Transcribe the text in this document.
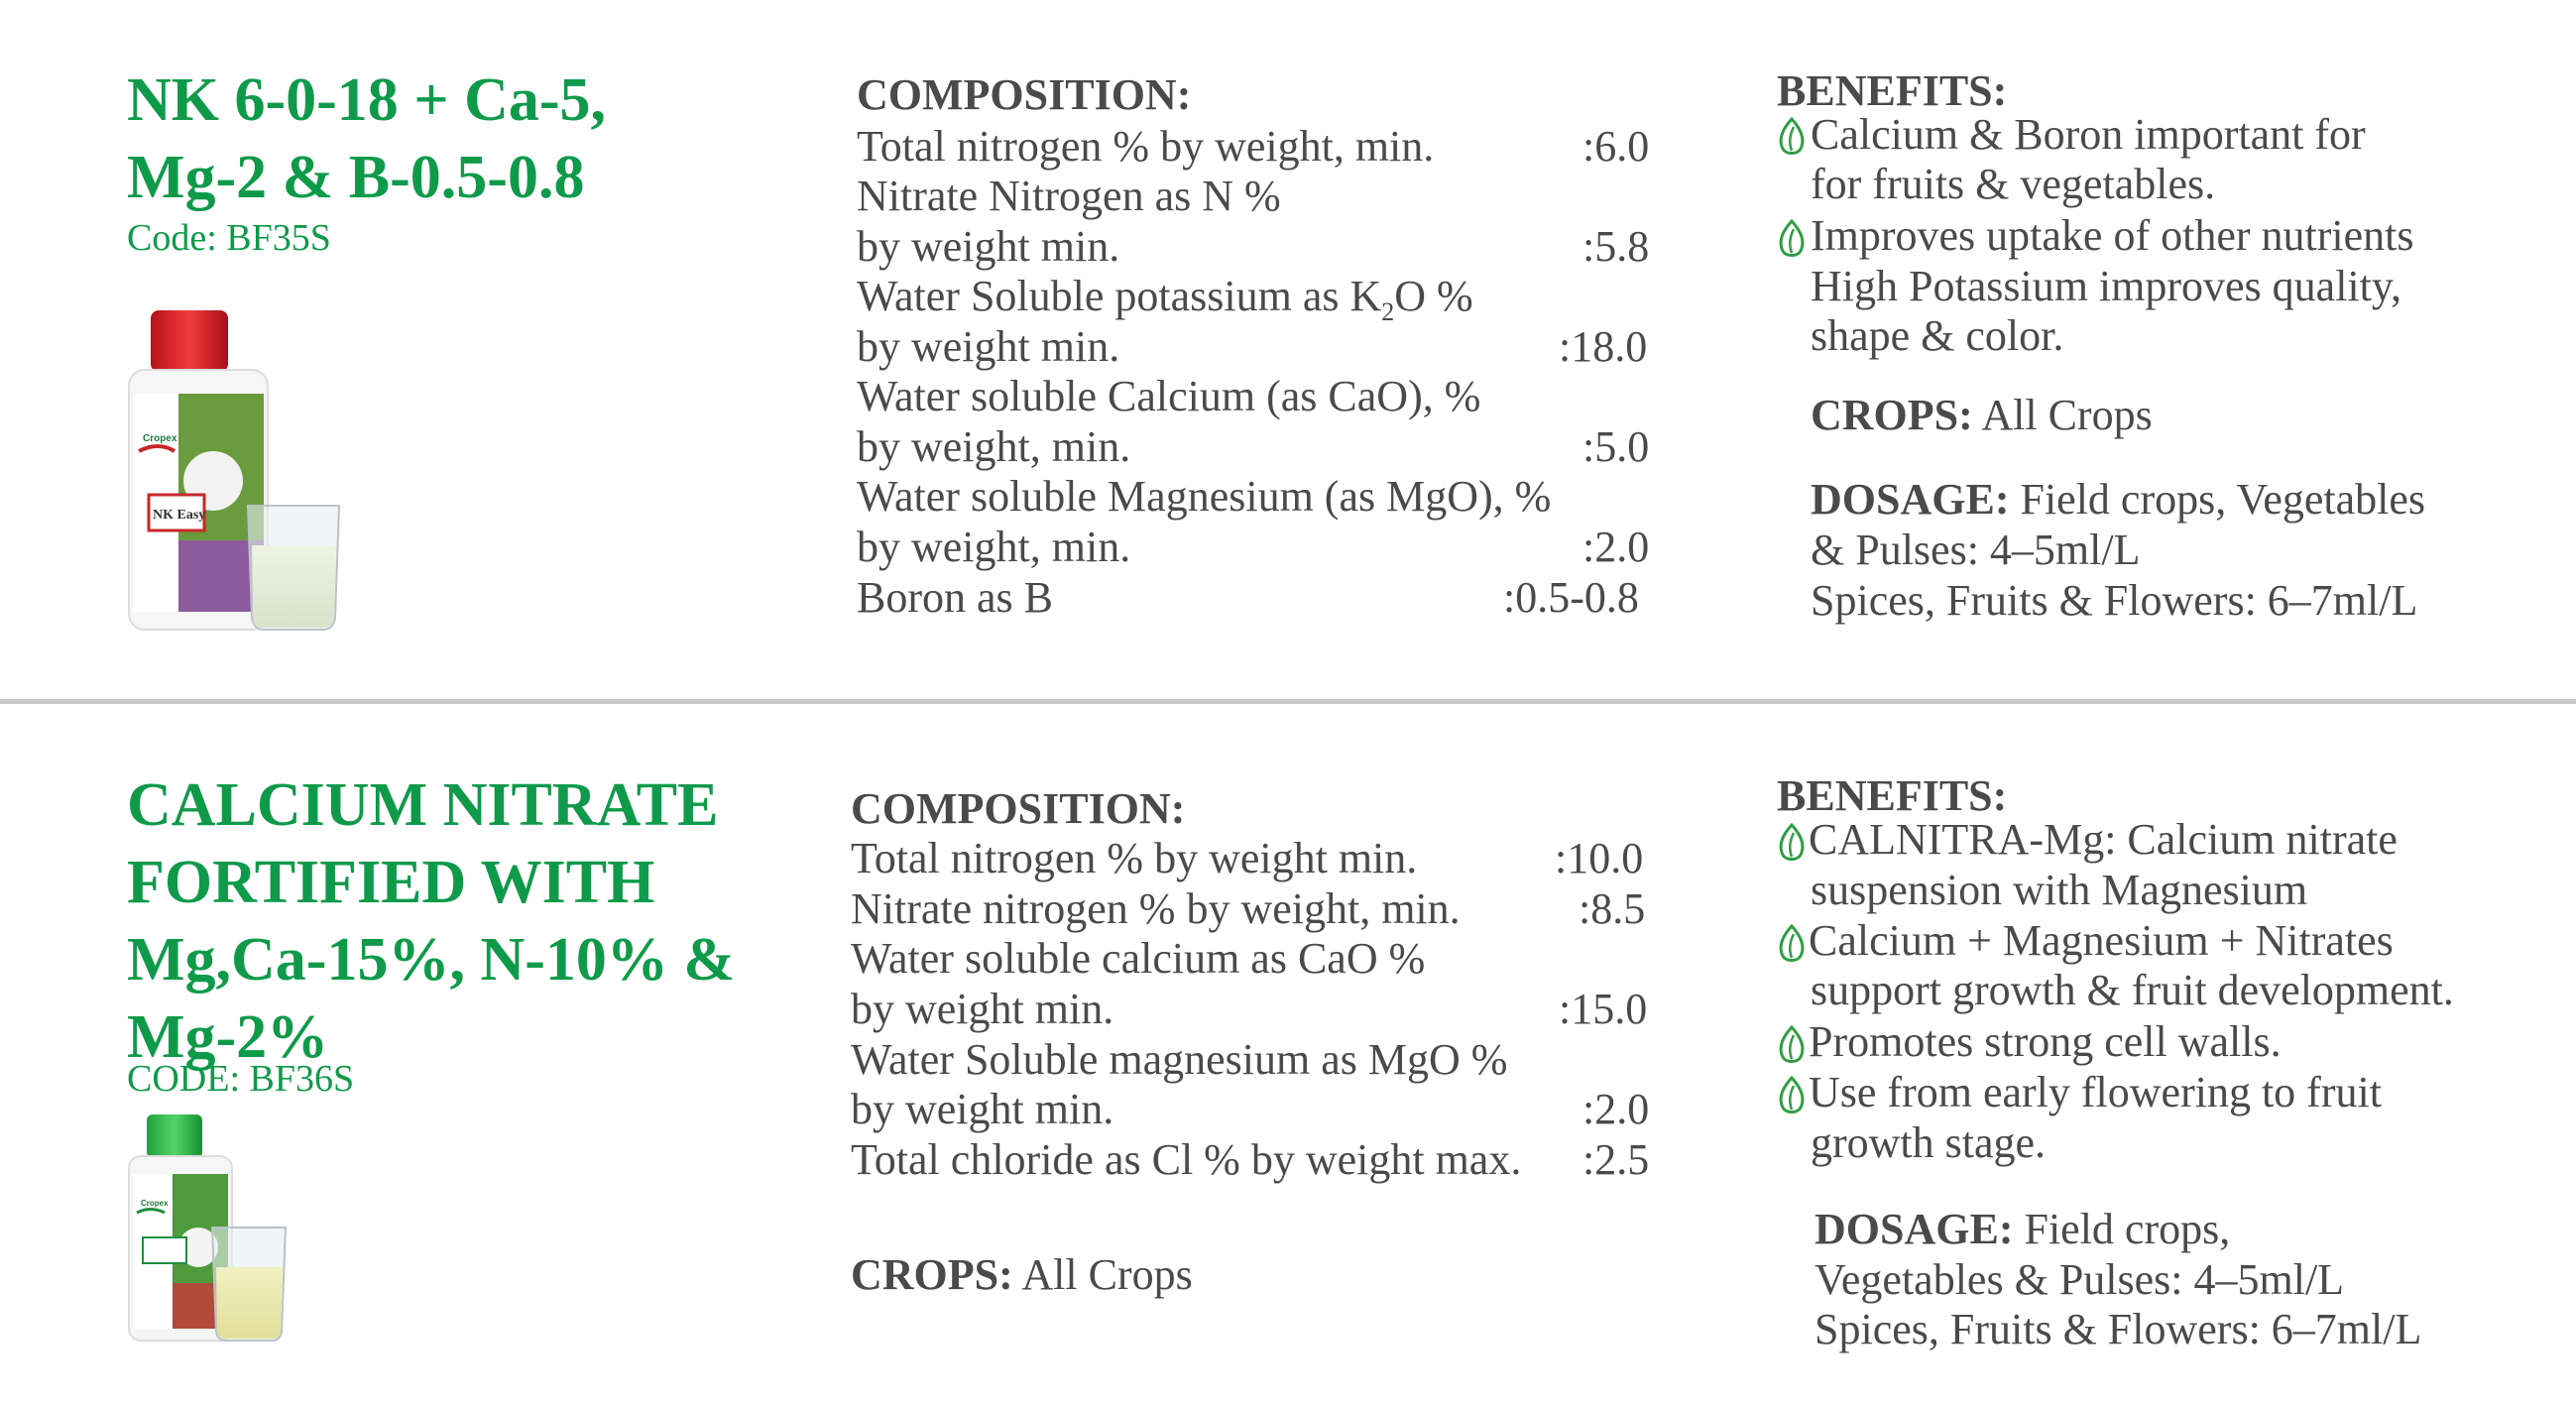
NK 6-0-18 + Ca-5,
Mg-2 & B-0.5-0.8
Code: BF35S
NK Easy
Cropex
COMPOSITION:
Total nitrogen % by weight, min.	:6.0
Nitrate Nitrogen as N %
by weight min.	:5.8
Water Soluble potassium as $K_2O$ %
by weight min.	:18.0
Water soluble Calcium (as CaO), %
by weight, min.	:5.0
Water soluble Magnesium (as MgO), %
by weight, min.	:2.0
Boron as B	:0.5-0.8
BENEFITS:
Calcium & Boron important for
for fruits & vegetables.
Improves uptake of other nutrients
High Potassium improves quality,
shape & color.
CROPS: All Crops
DOSAGE: Field crops, Vegetables
& Pulses: 4–5ml/L
Spices, Fruits & Flowers: 6–7ml/L
CALCIUM NITRATE
FORTIFIED WITH
Mg,Ca-15%, N-10% &
Mg-2%
CODE: BF36S
Cropex
COMPOSITION:
Total nitrogen % by weight min.	:10.0
Nitrate nitrogen % by weight, min.	:8.5
Water soluble calcium as CaO %
by weight min.	:15.0
Water Soluble magnesium as MgO %
by weight min.	:2.0
Total chloride as Cl % by weight max. :2.5
CROPS: All Crops
BENEFITS:
CALNITRA-Mg: Calcium nitrate
suspension with Magnesium
Calcium + Magnesium + Nitrates
support growth & fruit development.
Promotes strong cell walls.
Use from early flowering to fruit
growth stage.
DOSAGE: Field crops,
Vegetables & Pulses: 4–5ml/L
Spices, Fruits & Flowers: 6–7ml/L
